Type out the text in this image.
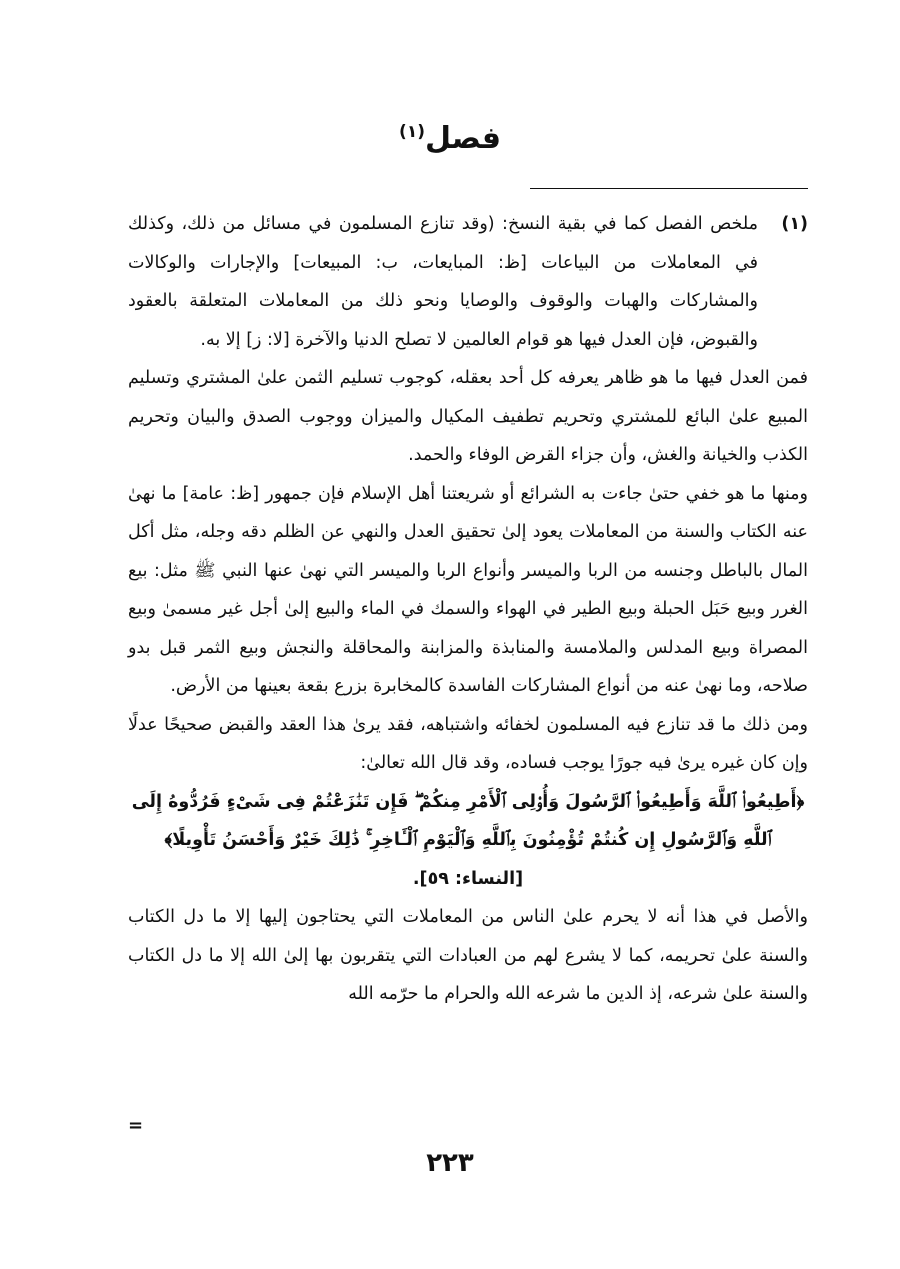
فصل$^{(١)}$

(١)
ملخص الفصل كما في بقية النسخ: (وقد تنازع المسلمون في مسائل من ذلك، وكذلك في المعاملات من البياعات [ظ: المبايعات، ب: المبيعات] والإجارات والوكالات والمشاركات والهبات والوقوف والوصايا ونحو ذلك من المعاملات المتعلقة بالعقود والقبوض، فإن العدل فيها هو قوام العالمين لا تصلح الدنيا والآخرة [لا: ز] إلا به.

فمن العدل فيها ما هو ظاهر يعرفه كل أحد بعقله، كوجوب تسليم الثمن علىٰ المشتري وتسليم المبيع علىٰ البائع للمشتري وتحريم تطفيف المكيال والميزان ووجوب الصدق والبيان وتحريم الكذب والخيانة والغش، وأن جزاء القرض الوفاء والحمد.

ومنها ما هو خفي حتىٰ جاءت به الشرائع أو شريعتنا أهل الإسلام فإن جمهور [ظ: عامة] ما نهىٰ عنه الكتاب والسنة من المعاملات يعود إلىٰ تحقيق العدل والنهي عن الظلم دقه وجله، مثل أكل المال بالباطل وجنسه من الربا والميسر وأنواع الربا والميسر التي نهىٰ عنها النبي ﷺ مثل: بيع الغرر وبيع حَبَل الحبلة وبيع الطير في الهواء والسمك في الماء والبيع إلىٰ أجل غير مسمىٰ وبيع المصراة وبيع المدلس والملامسة والمنابذة والمزابنة والمحاقلة والنجش وبيع الثمر قبل بدو صلاحه، وما نهىٰ عنه من أنواع المشاركات الفاسدة كالمخابرة بزرع بقعة بعينها من الأرض.

ومن ذلك ما قد تنازع فيه المسلمون لخفائه واشتباهه، فقد يرىٰ هذا العقد والقبض صحيحًا عدلًا وإن كان غيره يرىٰ فيه جورًا يوجب فساده، وقد قال الله تعالىٰ:

﴿أَطِيعُوا۟ ٱللَّهَ وَأَطِيعُوا۟ ٱلرَّسُولَ وَأُو۟لِى ٱلْأَمْرِ مِنكُمْ ۖ فَإِن تَنَٰزَعْتُمْ فِى شَىْءٍ فَرُدُّوهُ إِلَى ٱللَّهِ وَٱلرَّسُولِ إِن كُنتُمْ تُؤْمِنُونَ بِٱللَّهِ وَٱلْيَوْمِ ٱلْـَٔاخِرِ ۚ ذَٰلِكَ خَيْرٌ وَأَحْسَنُ تَأْوِيلًا﴾ [النساء: ٥٩].

والأصل في هذا أنه لا يحرم علىٰ الناس من المعاملات التي يحتاجون إليها إلا ما دل الكتاب والسنة علىٰ تحريمه، كما لا يشرع لهم من العبادات التي يتقربون بها إلىٰ الله إلا ما دل الكتاب والسنة علىٰ شرعه، إذ الدين ما شرعه الله والحرام ما حرّمه الله

=
٢٢٣
